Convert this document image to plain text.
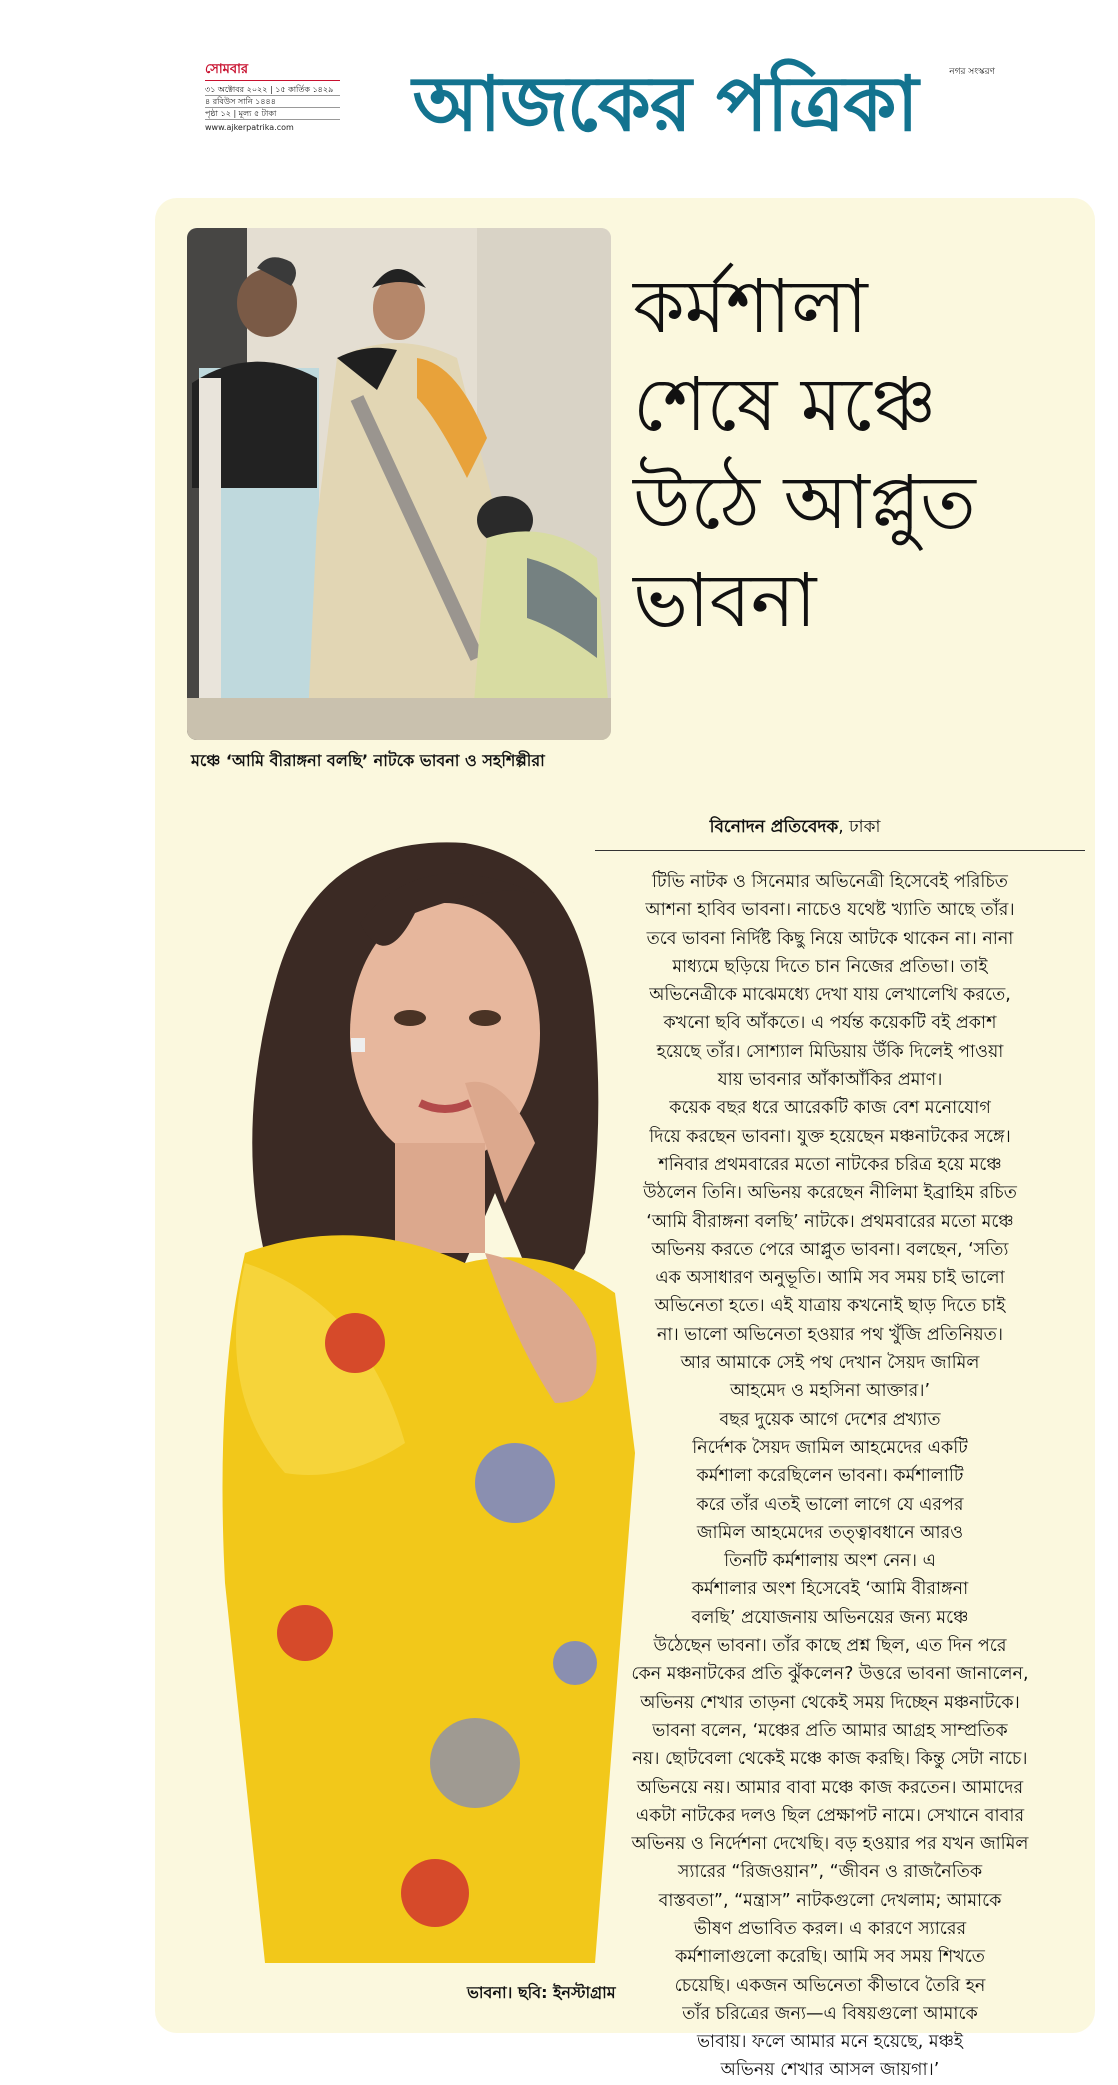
সোমবার
৩১ অক্টোবর ২০২২ | ১৫ কার্তিক ১৪২৯
৪ রবিউস সানি ১৪৪৪
পৃষ্ঠা ১২ | মূল্য ৫ টাকা
www.ajkerpatrika.com	আজকের পত্রিকা	নগর সংস্করণ
মঞ্চে ‘আমি বীরাঙ্গনা বলছি’ নাটকে ভাবনা ও সহশিল্পীরা
কর্মশালা
শেষে মঞ্চে
উঠে আপ্লুত
ভাবনা
বিনোদন প্রতিবেদক, ঢাকা
ভাবনা। ছবি: ইনস্টাগ্রাম
টিভি নাটক ও সিনেমার অভিনেত্রী হিসেবেই পরিচিত
আশনা হাবিব ভাবনা। নাচেও যথেষ্ট খ্যাতি আছে তাঁর।
তবে ভাবনা নির্দিষ্ট কিছু নিয়ে আটকে থাকেন না। নানা
মাধ্যমে ছড়িয়ে দিতে চান নিজের প্রতিভা। তাই
অভিনেত্রীকে মাঝেমধ্যে দেখা যায় লেখালেখি করতে,
কখনো ছবি আঁকতে। এ পর্যন্ত কয়েকটি বই প্রকাশ
হয়েছে তাঁর। সোশ্যাল মিডিয়ায় উঁকি দিলেই পাওয়া
যায় ভাবনার আঁকাআঁকির প্রমাণ।
কয়েক বছর ধরে আরেকটি কাজ বেশ মনোযোগ
দিয়ে করছেন ভাবনা। যুক্ত হয়েছেন মঞ্চনাটকের সঙ্গে।
শনিবার প্রথমবারের মতো নাটকের চরিত্র হয়ে মঞ্চে
উঠলেন তিনি। অভিনয় করেছেন নীলিমা ইব্রাহিম রচিত
‘আমি বীরাঙ্গনা বলছি’ নাটকে। প্রথমবারের মতো মঞ্চে
অভিনয় করতে পেরে আপ্লুত ভাবনা। বলছেন, ‘সত্যি
এক অসাধারণ অনুভূতি। আমি সব সময় চাই ভালো
অভিনেতা হতে। এই যাত্রায় কখনোই ছাড় দিতে চাই
না। ভালো অভিনেতা হওয়ার পথ খুঁজি প্রতিনিয়ত।
আর আমাকে সেই পথ দেখান সৈয়দ জামিল
আহমেদ ও মহসিনা আক্তার।’
বছর দুয়েক আগে দেশের প্রখ্যাত
নির্দেশক সৈয়দ জামিল আহমেদের একটি
কর্মশালা করেছিলেন ভাবনা। কর্মশালাটি
করে তাঁর এতই ভালো লাগে যে এরপর
জামিল আহমেদের তত্ত্বাবধানে আরও
তিনটি কর্মশালায় অংশ নেন। এ
কর্মশালার অংশ হিসেবেই ‘আমি বীরাঙ্গনা
বলছি’ প্রযোজনায় অভিনয়ের জন্য মঞ্চে
উঠেছেন ভাবনা। তাঁর কাছে প্রশ্ন ছিল, এত দিন পরে
কেন মঞ্চনাটকের প্রতি ঝুঁকলেন? উত্তরে ভাবনা জানালেন,
অভিনয় শেখার তাড়না থেকেই সময় দিচ্ছেন মঞ্চনাটকে।
ভাবনা বলেন, ‘মঞ্চের প্রতি আমার আগ্রহ সাম্প্রতিক
নয়। ছোটবেলা থেকেই মঞ্চে কাজ করছি। কিন্তু সেটা নাচে।
অভিনয়ে নয়। আমার বাবা মঞ্চে কাজ করতেন। আমাদের
একটা নাটকের দলও ছিল প্রেক্ষাপট নামে। সেখানে বাবার
অভিনয় ও নির্দেশনা দেখেছি। বড় হওয়ার পর যখন জামিল
স্যারের “রিজওয়ান”, “জীবন ও রাজনৈতিক
বাস্তবতা”, “মন্ত্রাস” নাটকগুলো দেখলাম; আমাকে
ভীষণ প্রভাবিত করল। এ কারণে স্যারের
কর্মশালাগুলো করেছি। আমি সব সময় শিখতে
চেয়েছি। একজন অভিনেতা কীভাবে তৈরি হন
তাঁর চরিত্রের জন্য—এ বিষয়গুলো আমাকে
ভাবায়। ফলে আমার মনে হয়েছে, মঞ্চই
অভিনয় শেখার আসল জায়গা।’
